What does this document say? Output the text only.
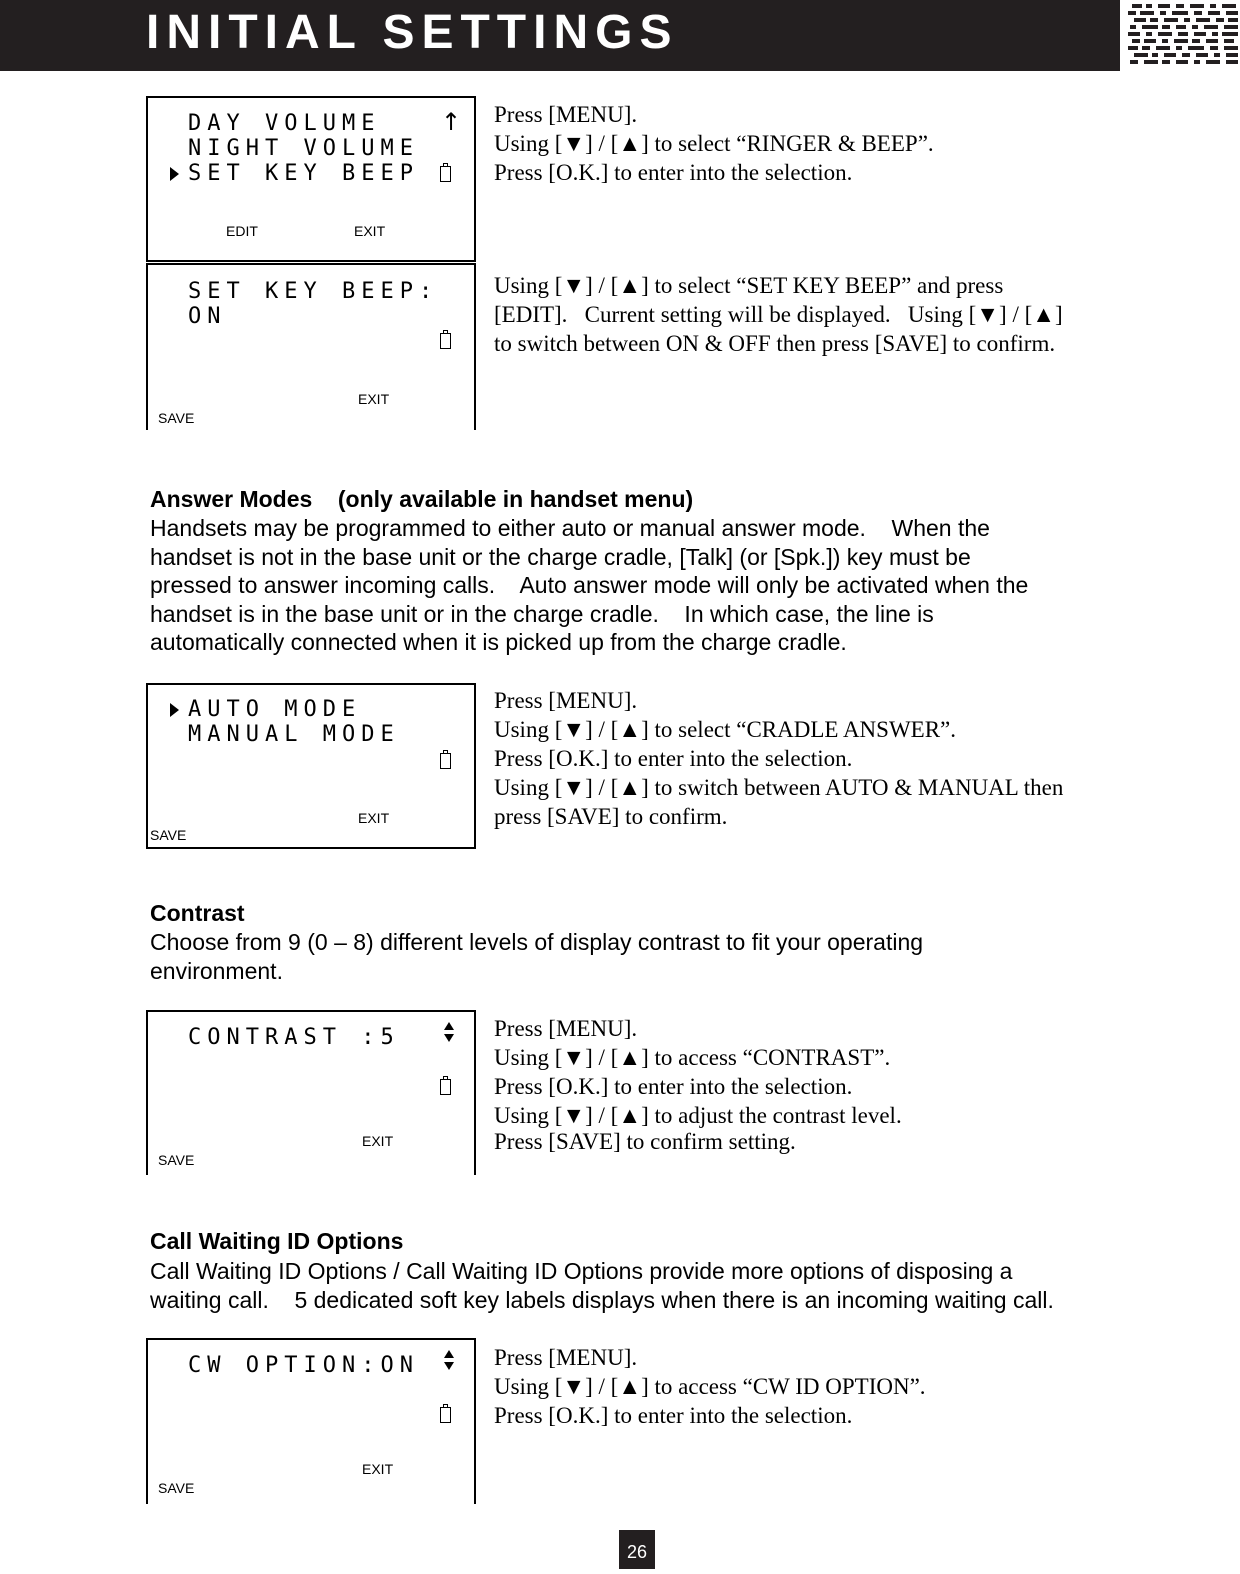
INITIAL SETTINGS
DAY VOLUME	↑
NIGHT VOLUME
SET KEY BEEP
EDIT	EXIT
Press [MENU].
Using [▼] / [▲] to select “RINGER & BEEP”.
Press [O.K.] to enter into the selection.
SET KEY BEEP:
ON
EXIT
SAVE
Using [▼] / [▲] to select “SET KEY BEEP” and press
[EDIT].   Current setting will be displayed.   Using [▼] / [▲]
to switch between ON & OFF then press [SAVE] to confirm.
Answer Modes    (only available in handset menu)
Handsets may be programmed to either auto or manual answer mode.    When the
handset is not in the base unit or the charge cradle, [Talk] (or [Spk.]) key must be
pressed to answer incoming calls.    Auto answer mode will only be activated when the
handset is in the base unit or in the charge cradle.    In which case, the line is
automatically connected when it is picked up from the charge cradle.
AUTO MODE
MANUAL MODE
EXIT
SAVE
Press [MENU].
Using [▼] / [▲] to select “CRADLE ANSWER”.
Press [O.K.] to enter into the selection.
Using [▼] / [▲] to switch between AUTO & MANUAL then
press [SAVE] to confirm.
Contrast
Choose from 9 (0 – 8) different levels of display contrast to fit your operating
environment.
CONTRAST :5
EXIT
SAVE
Press [MENU].
Using [▼] / [▲] to access “CONTRAST”.
Press [O.K.] to enter into the selection.
Using [▼] / [▲] to adjust the contrast level.
Press [SAVE] to confirm setting.
Call Waiting ID Options
Call Waiting ID Options / Call Waiting ID Options provide more options of disposing a
waiting call.    5 dedicated soft key labels displays when there is an incoming waiting call.
CW OPTION:ON
EXIT
SAVE
Press [MENU].
Using [▼] / [▲] to access “CW ID OPTION”.
Press [O.K.] to enter into the selection.
26
